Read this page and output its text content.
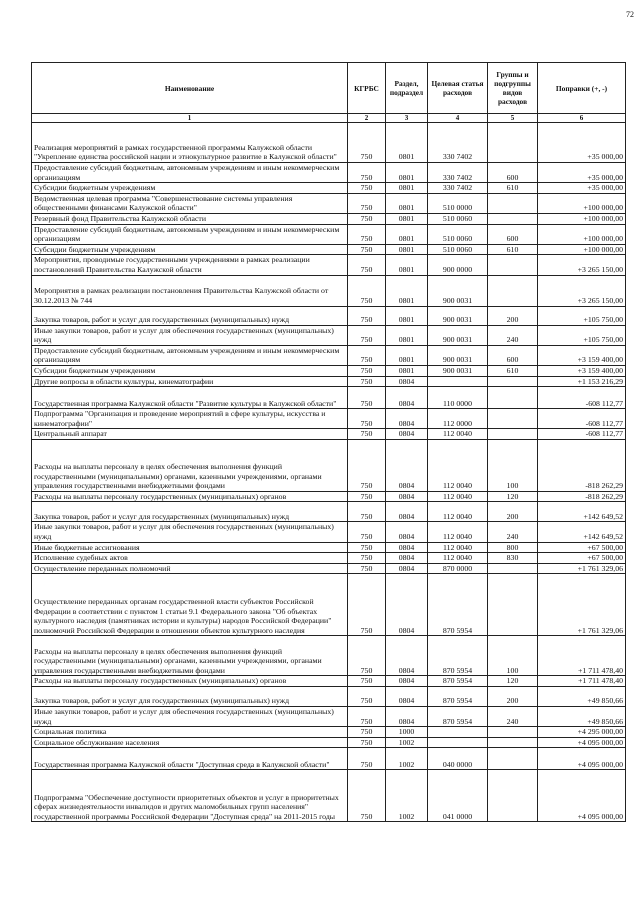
72
Наименование	КГРБС	Раздел, подраздел	Целевая статья расходов	Группы и подгруппы видов расходов	Поправки (+, -)
1	2	3	4	5	6
Реализация мероприятий в рамках государственной программы Калужской области "Укрепление единства российской нации и этнокультурное развитие в Калужской области"	750	0801	330 7402		+35 000,00
Предоставление субсидий бюджетным, автономным учреждениям и иным некоммерческим организациям	750	0801	330 7402	600	+35 000,00
Субсидии бюджетным учреждениям	750	0801	330 7402	610	+35 000,00
Ведомственная целевая программа "Совершенствование системы управления общественными финансами Калужской области"	750	0801	510 0000		+100 000,00
Резервный фонд Правительства Калужской области	750	0801	510 0060		+100 000,00
Предоставление субсидий бюджетным, автономным учреждениям и иным некоммерческим организациям	750	0801	510 0060	600	+100 000,00
Субсидии бюджетным учреждениям	750	0801	510 0060	610	+100 000,00
Мероприятия, проводимые государственными учреждениями в рамках реализации постановлений Правительства Калужской области	750	0801	900 0000		+3 265 150,00
Мероприятия в рамках реализации постановления Правительства Калужской области от 30.12.2013 № 744	750	0801	900 0031		+3 265 150,00
Закупка товаров, работ и услуг для государственных (муниципальных) нужд	750	0801	900 0031	200	+105 750,00
Иные закупки товаров, работ и услуг для обеспечения государственных (муниципальных) нужд	750	0801	900 0031	240	+105 750,00
Предоставление субсидий бюджетным, автономным учреждениям и иным некоммерческим организациям	750	0801	900 0031	600	+3 159 400,00
Субсидии бюджетным учреждениям	750	0801	900 0031	610	+3 159 400,00
Другие вопросы в области культуры, кинематографии	750	0804			+1 153 216,29
Государственная программа Калужской области "Развитие культуры в Калужской области"	750	0804	110 0000		-608 112,77
Подпрограмма "Организация и проведение мероприятий в сфере культуры, искусства и кинематографии"	750	0804	112 0000		-608 112,77
Центральный аппарат	750	0804	112 0040		-608 112,77
Расходы на выплаты персоналу в целях обеспечения выполнения функций государственными (муниципальными) органами, казенными учреждениями, органами управления государственными внебюджетными фондами	750	0804	112 0040	100	-818 262,29
Расходы на выплаты персоналу государственных (муниципальных) органов	750	0804	112 0040	120	-818 262,29
Закупка товаров, работ и услуг для государственных (муниципальных) нужд	750	0804	112 0040	200	+142 649,52
Иные закупки товаров, работ и услуг для обеспечения государственных (муниципальных) нужд	750	0804	112 0040	240	+142 649,52
Иные бюджетные ассигнования	750	0804	112 0040	800	+67 500,00
Исполнение судебных актов	750	0804	112 0040	830	+67 500,00
Осуществление переданных полномочий	750	0804	870 0000		+1 761 329,06
Осуществление переданных органам государственной власти субъектов Российской Федерации в соответствии с пунктом 1 статьи 9.1 Федерального закона "Об объектах культурного наследия (памятниках истории и культуры) народов Российской Федерации" полномочий Российской Федерации в отношении объектов культурного наследия	750	0804	870 5954		+1 761 329,06
Расходы на выплаты персоналу в целях обеспечения выполнения функций государственными (муниципальными) органами, казенными учреждениями, органами управления государственными внебюджетными фондами	750	0804	870 5954	100	+1 711 478,40
Расходы на выплаты персоналу государственных (муниципальных) органов	750	0804	870 5954	120	+1 711 478,40
Закупка товаров, работ и услуг для государственных (муниципальных) нужд	750	0804	870 5954	200	+49 850,66
Иные закупки товаров, работ и услуг для обеспечения государственных (муниципальных) нужд	750	0804	870 5954	240	+49 850,66
Социальная политика	750	1000			+4 295 000,00
Социальное обслуживание населения	750	1002			+4 095 000,00
Государственная программа Калужской области "Доступная среда в Калужской области"	750	1002	040 0000		+4 095 000,00
Подпрограмма "Обеспечение доступности приоритетных объектов и услуг в приоритетных сферах жизнедеятельности инвалидов и других маломобильных групп населения" государственной программы Российской Федерации "Доступная среда" на 2011-2015 годы	750	1002	041 0000		+4 095 000,00
